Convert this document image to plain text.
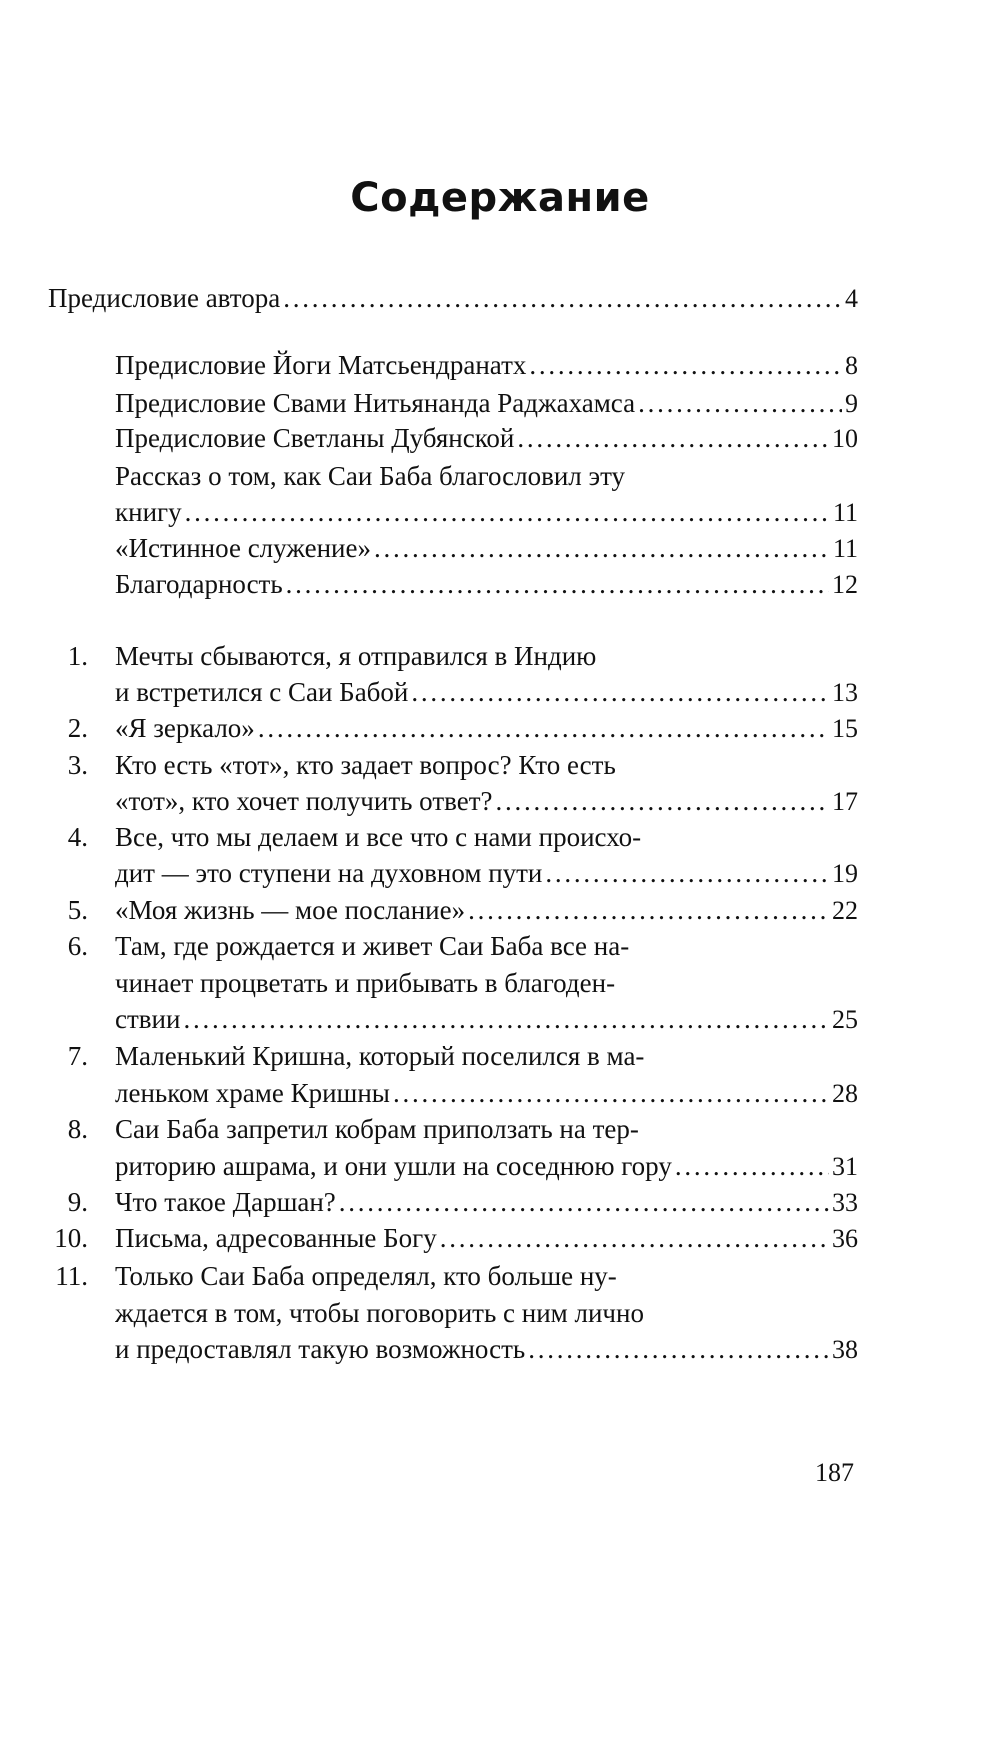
Содержание
Предисловие автора . . .	4
Предисловие Йоги Матсьендранатх . . .	8
Предисловие Свами Нитьянанда Раджахамса . . .	9
Предисловие Светланы Дубянской . . .	10
Рассказ о том, как Саи Баба благословил эту
книгу . . .	11
«Истинное служение» . . .	11
Благодарность . . .	12
1. Мечты сбываются, я отправился в Индию
и встретился с Саи Бабой . . .	13
2. «Я зеркало» . . .	15
3. Кто есть «тот», кто задает вопрос? Кто есть
«тот», кто хочет получить ответ? . . .	17
4. Все, что мы делаем и все что с нами происхо-
дит — это ступени на духовном пути . . .	19
5. «Моя жизнь — мое послание» . . .	22
6. Там, где рождается и живет Саи Баба все на-
чинает процветать и прибывать в благоден-
ствии . . .	25
7. Маленький Кришна, который поселился в ма-
леньком храме Кришны . . .	28
8. Саи Баба запретил кобрам приползать на тер-
риторию ашрама, и они ушли на соседнюю гору . . .	31
9. Что такое Даршан? . . .	33
10. Письма, адресованные Богу . . .	36
11. Только Саи Баба определял, кто больше ну-
ждается в том, чтобы поговорить с ним лично
и предоставлял такую возможность . . .	38
187
